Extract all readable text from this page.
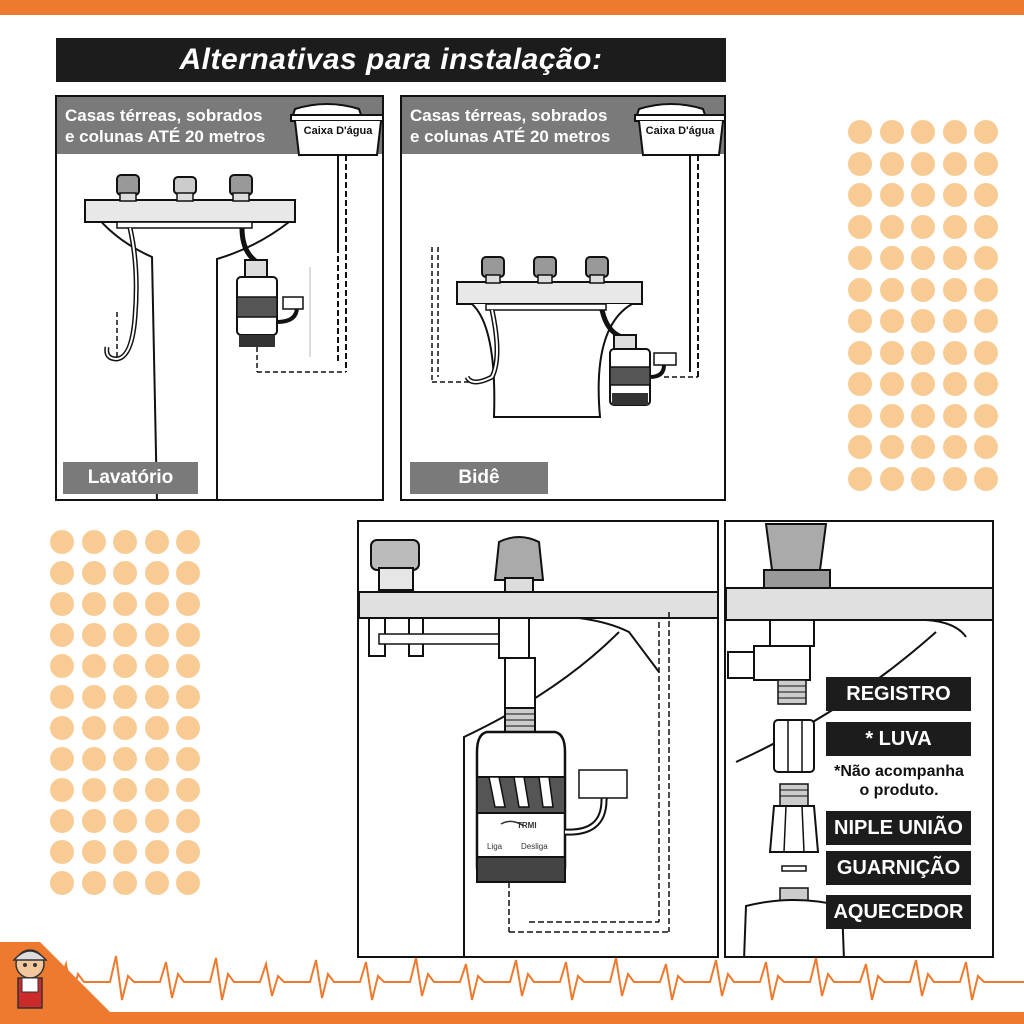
Alternativas para instalação:
Casas térreas, sobrados
e colunas ATÉ 20 metros	Caixa D'água
Lavatório
Casas térreas, sobrados
e colunas ATÉ 20 metros	Caixa D'água
Bidê
TRMI
Liga Desliga
REGISTRO
* LUVA
*Não acompanha
o produto.
NIPLE UNIÃO
GUARNIÇÃO
AQUECEDOR
